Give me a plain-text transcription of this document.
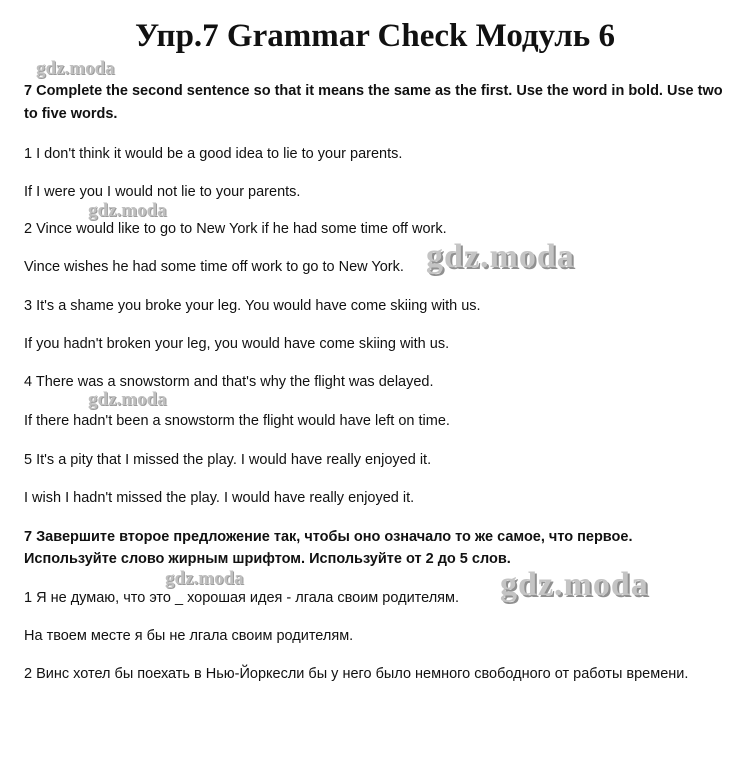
Упр.7 Grammar Check Модуль 6
7 Complete the second sentence so that it means the same as the first. Use the word in bold. Use two
to five words.
1 I don't think it would be a good idea to lie to your parents.
If I were you I would not lie to your parents.
2 Vince would like to go to New York if he had some time off work.
Vince wishes he had some time off work to go to New York.
3 It's a shame you broke your leg. You would have come skiing with us.
If you hadn't broken your leg, you would have come skiing with us.
4 There was a snowstorm and that's why the flight was delayed.
If there hadn't been a snowstorm the flight would have left on time.
5 It's a pity that I missed the play. I would have really enjoyed it.
I wish I hadn't missed the play. I would have really enjoyed it.
7 Завершите второе предложение так, чтобы оно означало то же самое, что первое.
Используйте слово жирным шрифтом. Используйте от 2 до 5 слов.
1 Я не думаю, что это _ хорошая идея - лгала своим родителям.
На твоем месте я бы не лгала своим родителям.
2 Винс хотел бы поехать в Нью-Йоркесли бы у него было немного свободного от работы времени.
gdz.moda
gdz.moda
gdz.moda
gdz.moda
gdz.moda	gdz.moda
